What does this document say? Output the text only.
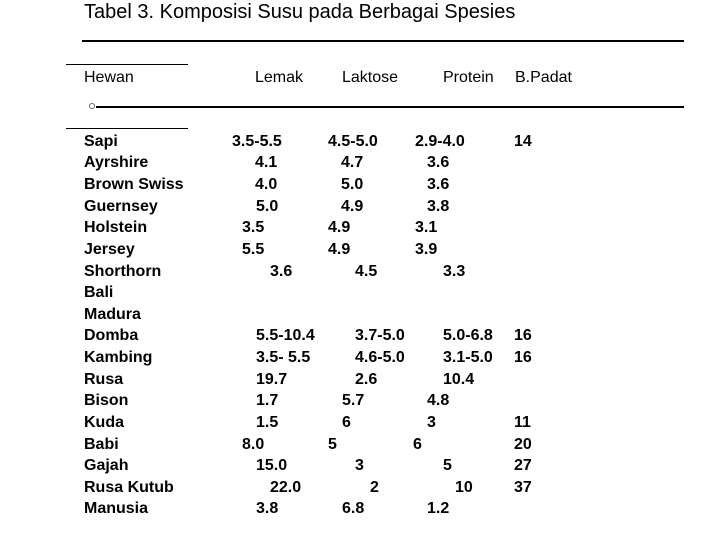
Tabel 3. Komposisi Susu pada Berbagai Spesies
Hewan	Lemak Laktose	Protein B.Padat
Sapi	3.5-5.5	4.5-5.0 2.9-4.0	14
Ayrshire	4.1	4.7	3.6
Brown Swiss	4.0	5.0	3.6
Guernsey	5.0	4.9	3.8
Holstein	3.5	4.9	3.1
Jersey	5.5	4.9	3.9
Shorthorn	3.6	4.5	3.3
Bali
Madura
Domba	5.5-10.4	3.7-5.0 5.0-6.8 16
Kambing	3.5- 5.5	4.6-5.0 3.1-5.0 16
Rusa	19.7	2.6	10.4
Bison	1.7	5.7	4.8
Kuda	1.5	6	3	11
Babi	8.0	5	6	20
Gajah	15.0	3	5	27
Rusa Kutub	22.0	2	10	37
Manusia	3.8	6.8	1.2
